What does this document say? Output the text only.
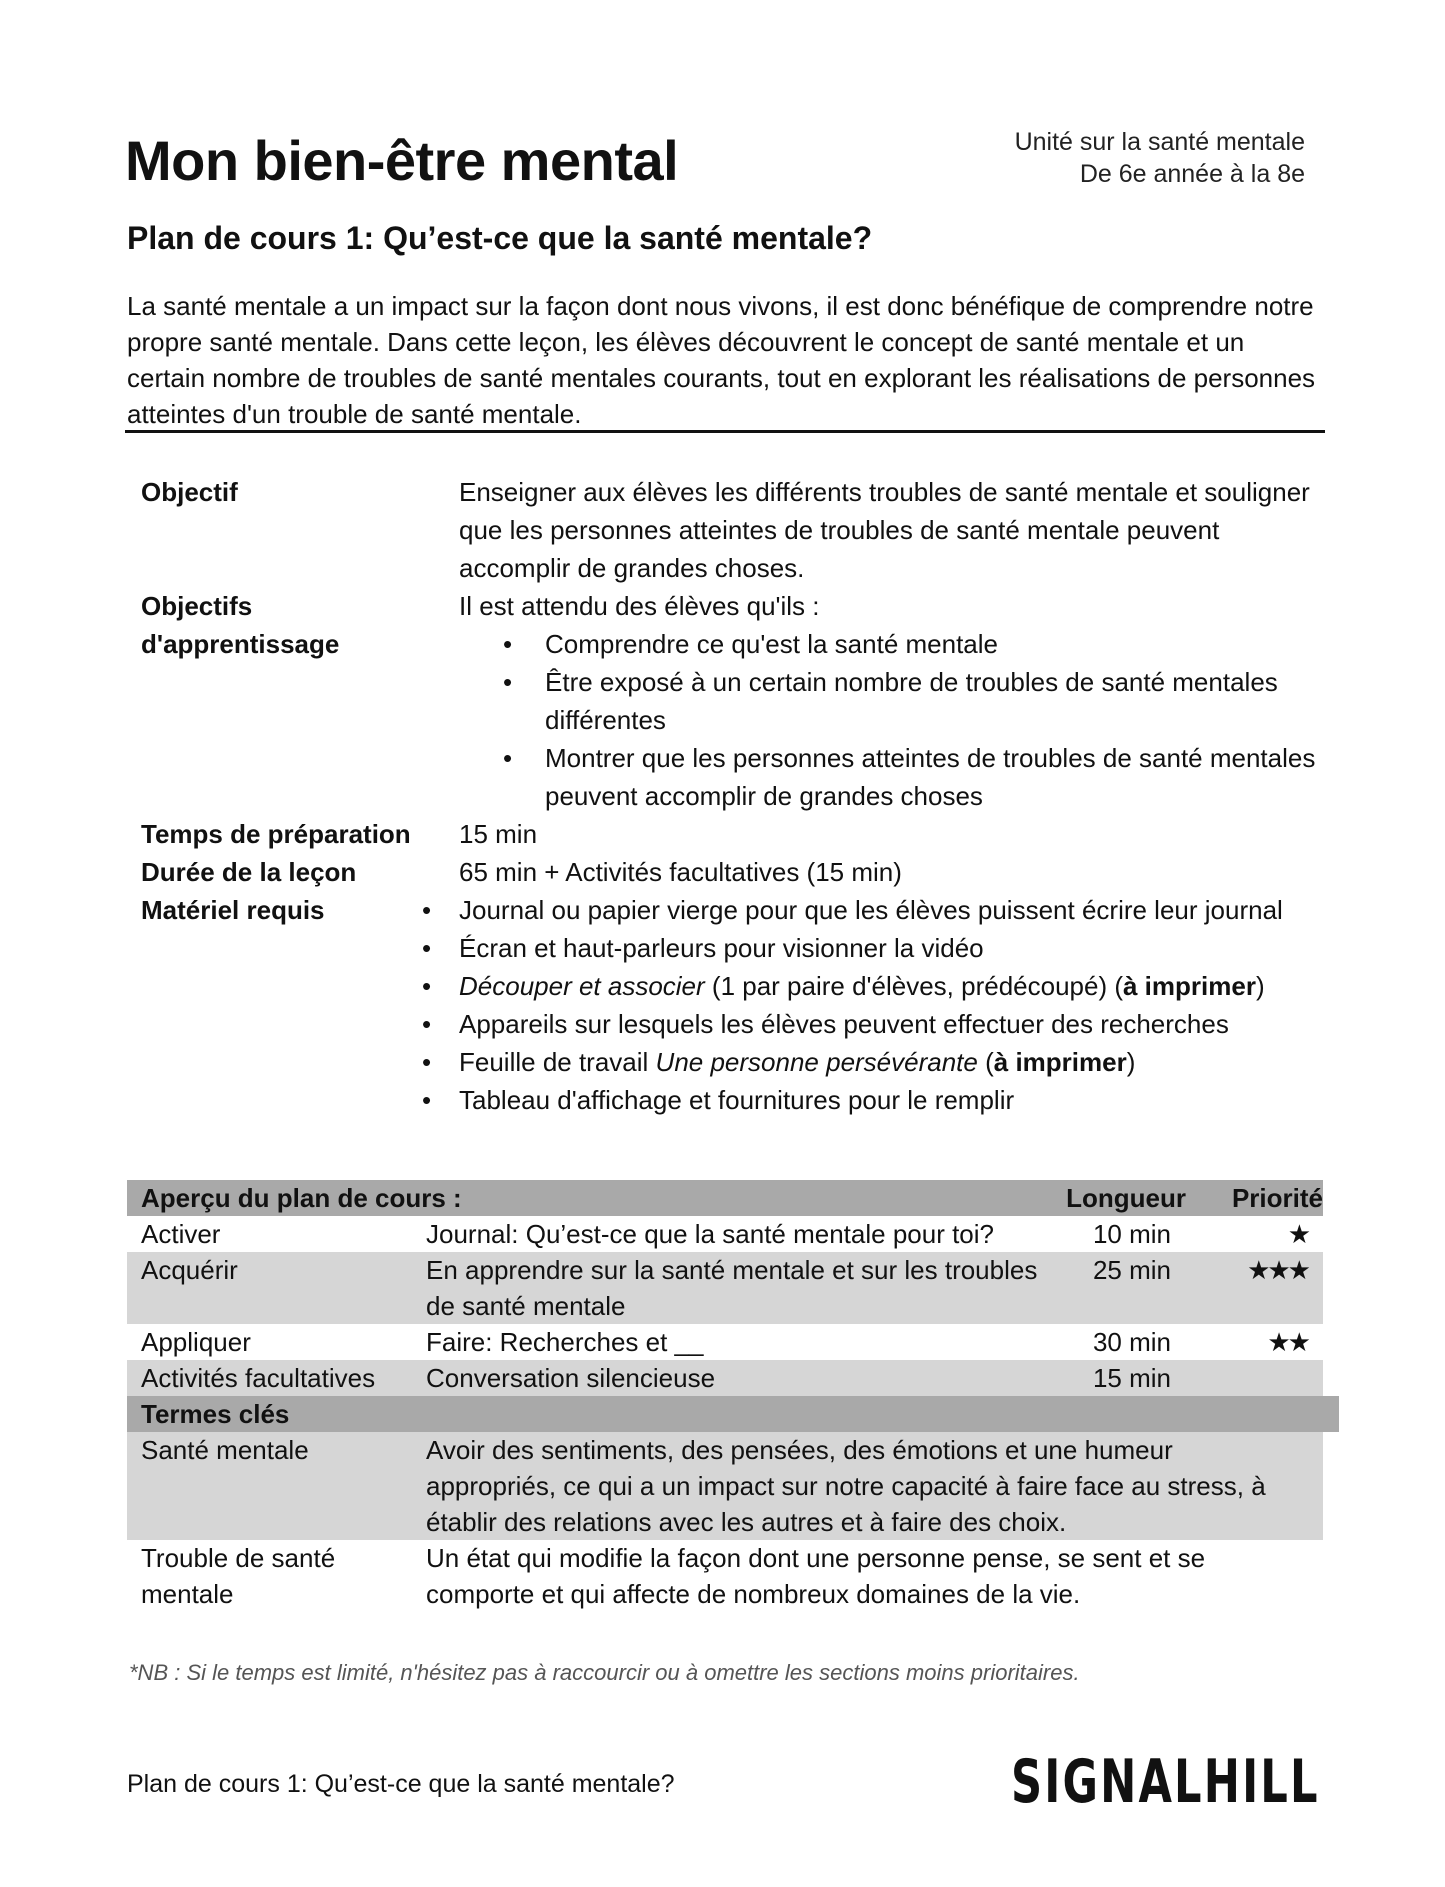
Mon bien-être mental	Unité sur la santé mentale
De 6e année à la 8e
Plan de cours 1: Qu’est-ce que la santé mentale?

La santé mentale a un impact sur la façon dont nous vivons, il est donc bénéfique de comprendre notre propre santé mentale. Dans cette leçon, les élèves découvrent le concept de santé mentale et un certain nombre de troubles de santé mentales courants, tout en explorant les réalisations de personnes atteintes d'un trouble de santé mentale.

Objectif	Enseigner aux élèves les différents troubles de santé mentale et souligner que les personnes atteintes de troubles de santé mentale peuvent accomplir de grandes choses.
Objectifs
d'apprentissage
Il est attendu des élèves qu'ils :
• Comprendre ce qu'est la santé mentale
• Être exposé à un certain nombre de troubles de santé mentales différentes
• Montrer que les personnes atteintes de troubles de santé mentales peuvent accomplir de grandes choses
Temps de préparation	15 min
Durée de la leçon	65 min + Activités facultatives (15 min)
Matériel requis
•	Journal ou papier vierge pour que les élèves puissent écrire leur journal
• Écran et haut-parleurs pour visionner la vidéo
• Découper et associer (1 par paire d'élèves, prédécoupé) (à imprimer)
• Appareils sur lesquels les élèves peuvent effectuer des recherches
• Feuille de travail Une personne persévérante (à imprimer)
• Tableau d'affichage et fournitures pour le remplir
Aperçu du plan de cours :	Longueur	Priorité
Activer	Journal: Qu’est-ce que la santé mentale pour toi?	10 min	★
Acquérir	En apprendre sur la santé mentale et sur les troubles de santé mentale
25 min	★★★
Appliquer	Faire: Recherches et __	30 min	★★
Activités facultatives	Conversation silencieuse	15 min
Termes clés
Santé mentale	Avoir des sentiments, des pensées, des émotions et une humeur appropriés, ce qui a un impact sur notre capacité à faire face au stress, à établir des relations avec les autres et à faire des choix.
Trouble de santé mentale
Un état qui modifie la façon dont une personne pense, se sent et se comporte et qui affecte de nombreux domaines de la vie.
*NB : Si le temps est limité, n'hésitez pas à raccourcir ou à omettre les sections moins prioritaires.
Plan de cours 1: Qu’est-ce que la santé mentale?	SIGNALHILL
